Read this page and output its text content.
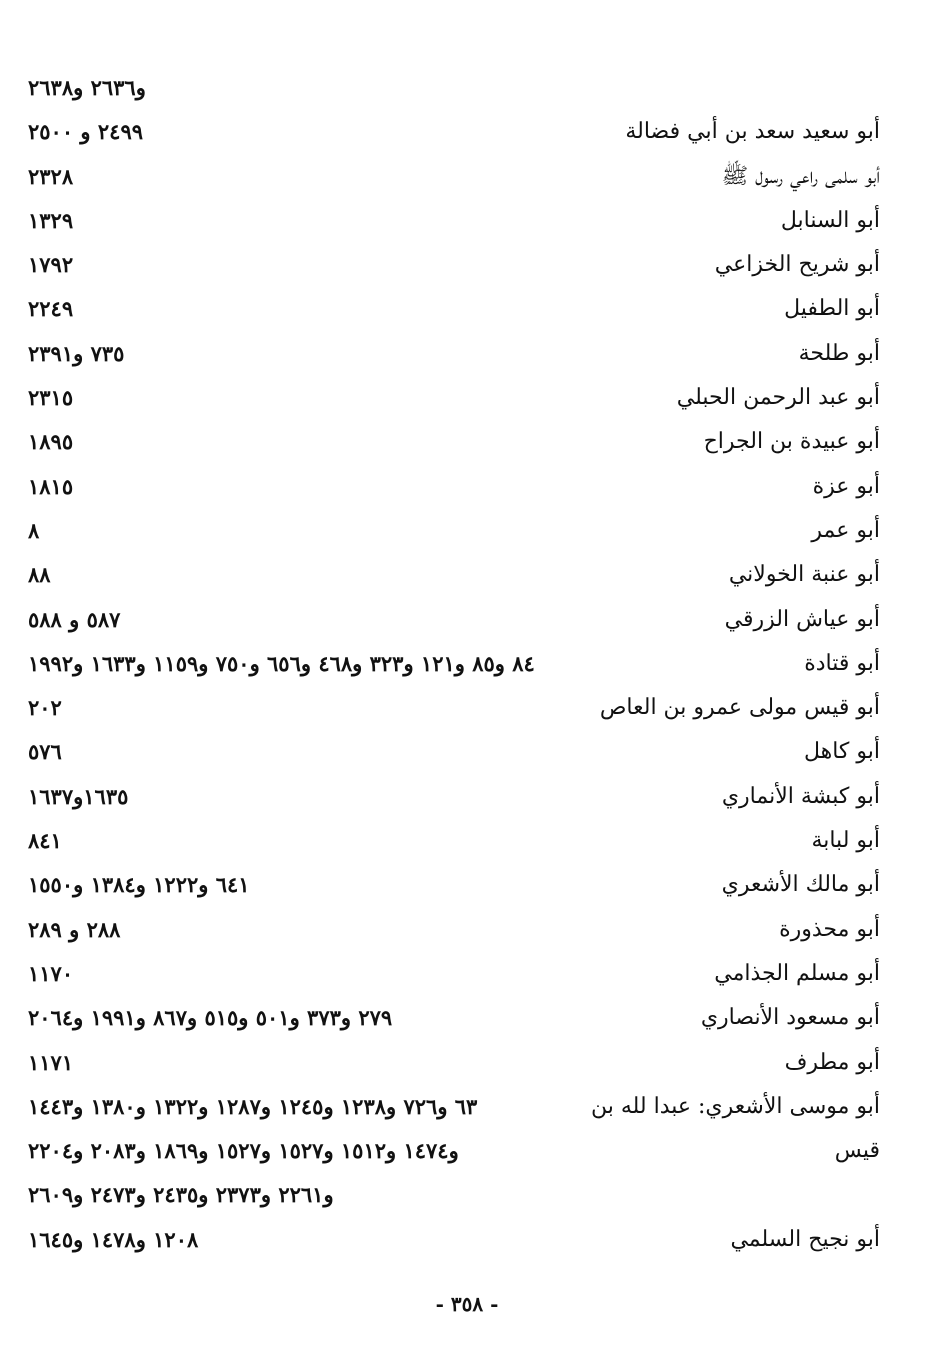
و٢٦٣٦ و٢٦٣٨
أبو سعيد سعد بن أبي فضالة
٢٤٩٩ و ٢٥٠٠
أبو سلمى راعي رسول ﷺ
٢٣٢٨
أبو السنابل
١٣٢٩
أبو شريح الخزاعي
١٧٩٢
أبو الطفيل
٢٢٤٩
أبو طلحة
٧٣٥ و٢٣٩١
أبو عبد الرحمن الحبلي
٢٣١٥
أبو عبيدة بن الجراح
١٨٩٥
أبو عزة
١٨١٥
أبو عمر
٨
أبو عنبة الخولاني
٨٨
أبو عياش الزرقي
٥٨٧ و ٥٨٨
أبو قتادة
٨٤ و٨٥ و١٢١ و٣٢٣ و٤٦٨ و٦٥٦ و٧٥٠ و١١٥٩ و١٦٣٣ و١٩٩٢
أبو قيس مولى عمرو بن العاص
٢٠٢
أبو كاهل
٥٧٦
أبو كبشة الأنماري
١٦٣٥و١٦٣٧
أبو لبابة
٨٤١
أبو مالك الأشعري
٦٤١ و١٢٢٢ و١٣٨٤ و١٥٥٠
أبو محذورة
٢٨٨ و ٢٨٩
أبو مسلم الجذامي
١١٧٠
أبو مسعود الأنصاري
٢٧٩ و٣٧٣ و٥٠١ و٥١٥ و٨٦٧ و١٩٩١ و٢٠٦٤
أبو مطرف
١١٧١
أبو موسى الأشعري: عبدا لله بن
٦٣ و٧٢٦ و١٢٣٨ و١٢٤٥ و١٢٨٧ و١٣٢٢ و١٣٨٠ و١٤٤٣
قيس
و١٤٧٤ و١٥١٢ و١٥٢٧ و١٥٢٧ و١٨٦٩ و٢٠٨٣ و٢٢٠٤
و٢٢٦١ و٢٣٧٣ و٢٤٣٥ و٢٤٧٣ و٢٦٠٩
أبو نجيح السلمي
١٢٠٨ و١٤٧٨ و١٦٤٥
- ٣٥٨ -
